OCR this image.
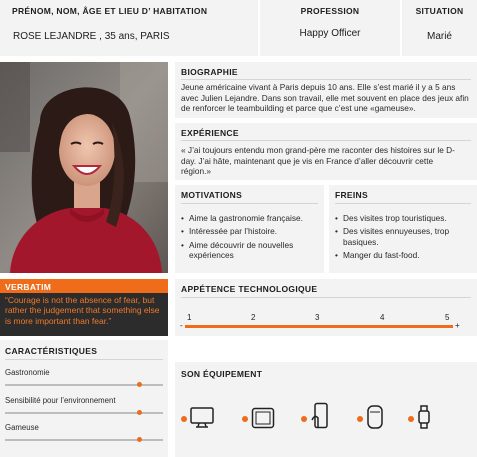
PRÉNOM, NOM, ÂGE ET LIEU D’ HABITATION
ROSE LEJANDRE , 35 ans, PARIS
PROFESSION
Happy Officer
SITUATION
Marié
BIOGRAPHIE
Jeune américaine vivant à Paris depuis 10 ans. Elle s’est marié il y a 5 ans avec Julien Lejandre. Dans son travail, elle met souvent en place des jeux afin de renforcer le teambuilding et parce que c’est une «gameuse».
EXPÉRIENCE
« J’ai toujours entendu mon grand-père me raconter des histoires sur le D-day. J’ai hâte, maintenant que je vis en France d’aller découvrir cette région.»
MOTIVATIONS
• Aime la gastronomie française.
• Intéressée par l’histoire.
• Aime découvrir de nouvelles expériences
FREINS
• Des visites trop touristiques.
• Des visites ennuyeuses, trop basiques.
• Manger du fast-food.
VERBATIM
“Courage is not the absence of fear, but rather the judgement that something else is more important than fear.”
CARACTÉRISTIQUES
Gastronomie
Sensibilité pour l’environnement
Gameuse
APPÉTENCE TECHNOLOGIQUE
1	2	3	4	5
-	+
SON ÉQUIPEMENT
